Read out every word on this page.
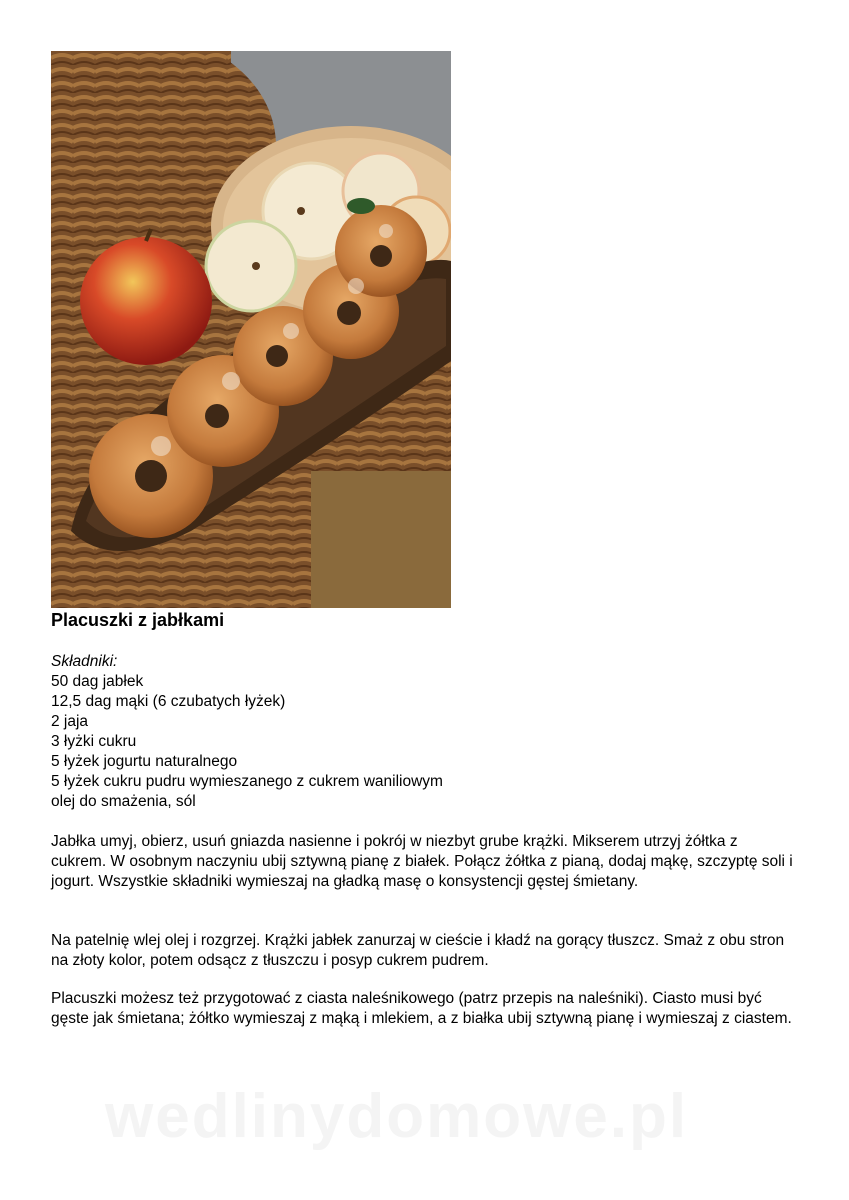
Placuszki z jabłkami
Składniki:
50 dag jabłek
12,5 dag mąki (6 czubatych łyżek)
2 jaja
3 łyżki cukru
5 łyżek jogurtu naturalnego
5 łyżek cukru pudru wymieszanego z cukrem waniliowym
olej do smażenia, sól

Jabłka umyj, obierz, usuń gniazda nasienne i pokrój w niezbyt grube krążki. Mikserem utrzyj żółtka z cukrem. W osobnym naczyniu ubij sztywną pianę z białek. Połącz żółtka z pianą, dodaj mąkę, szczyptę soli i jogurt. Wszystkie składniki wymieszaj na gładką masę o konsystencji gęstej śmietany.

Na patelnię wlej olej i rozgrzej. Krążki jabłek zanurzaj w cieście i kładź na gorący tłuszcz. Smaż z obu stron na złoty kolor, potem odsącz z tłuszczu i posyp cukrem pudrem.

Placuszki możesz też przygotować z ciasta naleśnikowego (patrz przepis na naleśniki). Ciasto musi być gęste jak śmietana; żółtko wymieszaj z mąką i mlekiem, a z białka ubij sztywną pianę i wymieszaj z ciastem.

wedlinydomowe.pl
